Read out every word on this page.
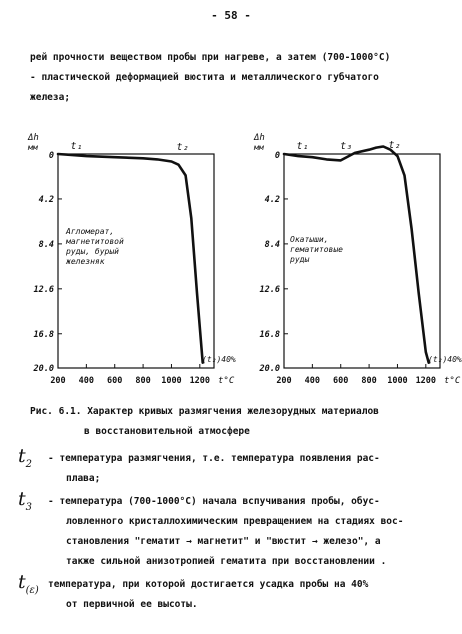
- 58 -
рей прочности веществом пробы при нагреве, а затем (700-1000°C)
- пластической деформацией вюстита и металлического губчатого
железа;
Δh
мм
0
4.2
8.4
12.6
16.8
20.0
200 400 600 800 1000 1200 t°C
t₁	t₂
(t₂)40%
Агломерат,
магнетитовой
руды, бурый
железняк
Δh
мм
0
4.2
8.4
12.6
16.8
20.0
200 400 600 800 1000 1200 t°C
t₁	t₃	t₂
(t₂)40%
Окатыши,
гематитовые
руды
Рис. 6.1. Характер кривых размягчения железорудных материалов
в восстановительной атмосфере
$t_2$
- температура размягчения, т.е. температура появления рас-
плава;
$t_3$
- температура (700-1000°C) начала вспучивания пробы, обус-
ловленного кристаллохимическим превращением на стадиях вос-
становления "гематит → магнетит" и "вюстит → железо", а
также сильной анизотропией гематита при восстановлении .
$t_{(\varepsilon)}$
температура, при которой достигается усадка пробы на 40%
от первичной ее высоты.
